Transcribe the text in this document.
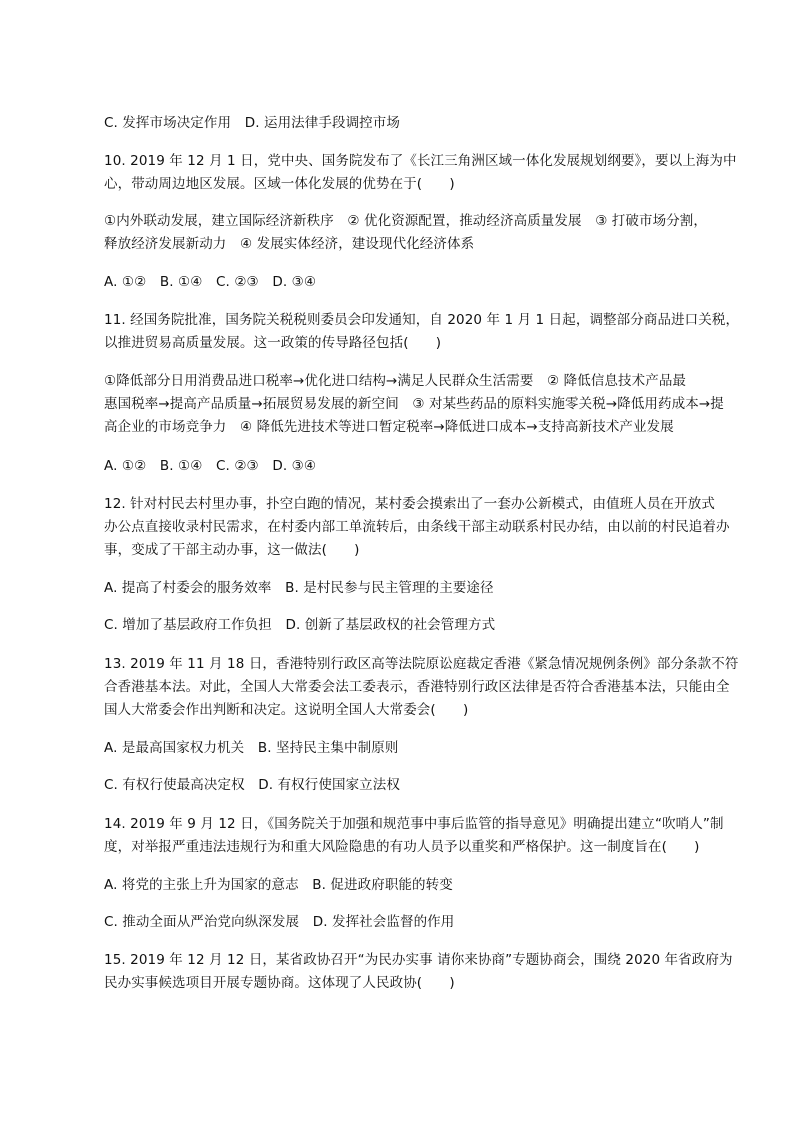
C. 发挥市场决定作用　D. 运用法律手段调控市场
10. 2019 年 12 月 1 日，党中央、国务院发布了《长江三角洲区域一体化发展规划纲要》，要以上海为中
心，带动周边地区发展。区域一体化发展的优势在于(　　)
①内外联动发展，建立国际经济新秩序　② 优化资源配置，推动经济高质量发展　③ 打破市场分割，
释放经济发展新动力　④ 发展实体经济，建设现代化经济体系
A. ①②　B. ①④　C. ②③　D. ③④
11. 经国务院批准，国务院关税税则委员会印发通知，自 2020 年 1 月 1 日起，调整部分商品进口关税，
以推进贸易高质量发展。这一政策的传导路径包括(　　)
①降低部分日用消费品进口税率→优化进口结构→满足人民群众生活需要　② 降低信息技术产品最
惠国税率→提高产品质量→拓展贸易发展的新空间　③ 对某些药品的原料实施零关税→降低用药成本→提
高企业的市场竞争力　④ 降低先进技术等进口暂定税率→降低进口成本→支持高新技术产业发展
A. ①②　B. ①④　C. ②③　D. ③④
12. 针对村民去村里办事，扑空白跑的情况，某村委会摸索出了一套办公新模式，由值班人员在开放式
办公点直接收录村民需求，在村委内部工单流转后，由条线干部主动联系村民办结，由以前的村民追着办
事，变成了干部主动办事，这一做法(　　)
A. 提高了村委会的服务效率　B. 是村民参与民主管理的主要途径
C. 增加了基层政府工作负担　D. 创新了基层政权的社会管理方式
13. 2019 年 11 月 18 日，香港特别行政区高等法院原讼庭裁定香港《紧急情况规例条例》部分条款不符
合香港基本法。对此，全国人大常委会法工委表示，香港特别行政区法律是否符合香港基本法，只能由全
国人大常委会作出判断和决定。这说明全国人大常委会(　　)
A. 是最高国家权力机关　B. 坚持民主集中制原则
C. 有权行使最高决定权　D. 有权行使国家立法权
14. 2019 年 9 月 12 日，《国务院关于加强和规范事中事后监管的指导意见》明确提出建立“吹哨人”制
度，对举报严重违法违规行为和重大风险隐患的有功人员予以重奖和严格保护。这一制度旨在(　　)
A. 将党的主张上升为国家的意志　B. 促进政府职能的转变
C. 推动全面从严治党向纵深发展　D. 发挥社会监督的作用
15. 2019 年 12 月 12 日，某省政协召开“为民办实事 请你来协商”专题协商会，围绕 2020 年省政府为
民办实事候选项目开展专题协商。这体现了人民政协(　　)
